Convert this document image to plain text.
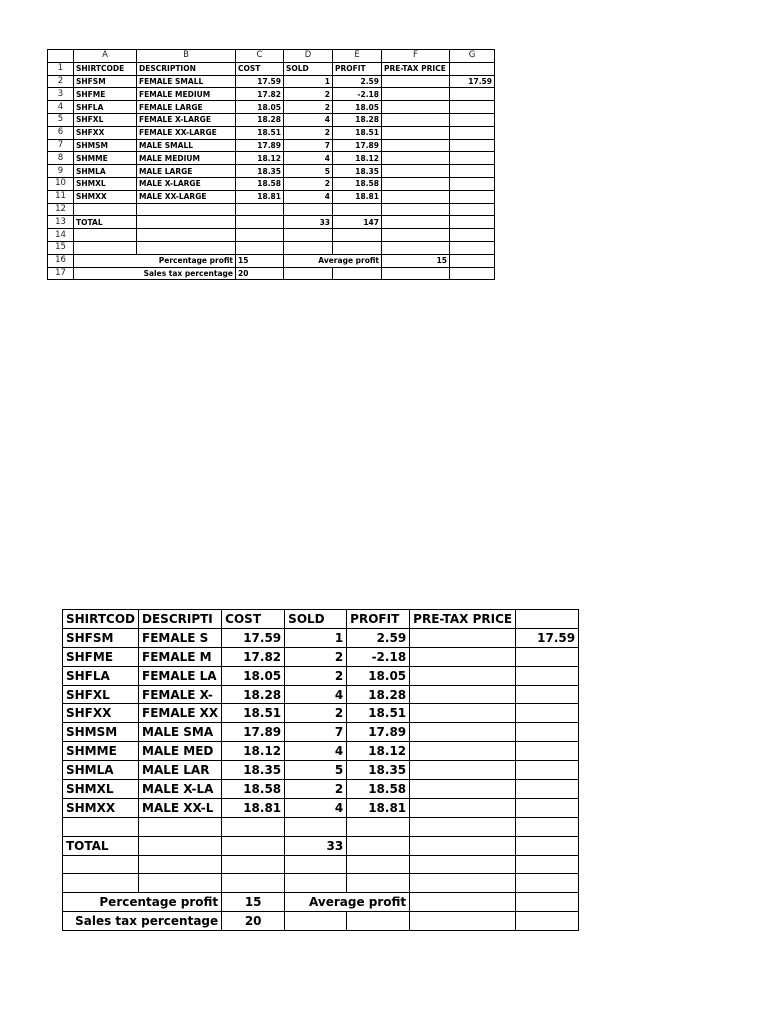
	A	B	C	D	E	F	G
1	SHIRTCODE	DESCRIPTION	COST	SOLD	PROFIT	PRE-TAX PRICE	
2	SHFSM	FEMALE SMALL	17.59	1	2.59		17.59
3	SHFME	FEMALE MEDIUM	17.82	2	-2.18		
4	SHFLA	FEMALE LARGE	18.05	2	18.05		
5	SHFXL	FEMALE X-LARGE	18.28	4	18.28		
6	SHFXX	FEMALE XX-LARGE	18.51	2	18.51		
7	SHMSM	MALE SMALL	17.89	7	17.89		
8	SHMME	MALE MEDIUM	18.12	4	18.12		
9	SHMLA	MALE LARGE	18.35	5	18.35		
10	SHMXL	MALE X-LARGE	18.58	2	18.58		
11	SHMXX	MALE XX-LARGE	18.81	4	18.81		
12							
13	TOTAL			33	147		
14							
15							
16	Percentage profit		15	Average profit		15	
17	Sales tax percentage		20				
SHIRTCOD	DESCRIPTI	COST	SOLD	PROFIT	PRE-TAX PRICE	
SHFSM	FEMALE S	17.59	1	2.59		17.59
SHFME	FEMALE M	17.82	2	-2.18		
SHFLA	FEMALE LA	18.05	2	18.05		
SHFXL	FEMALE X-	18.28	4	18.28		
SHFXX	FEMALE XX	18.51	2	18.51		
SHMSM	MALE SMA	17.89	7	17.89		
SHMME	MALE MED	18.12	4	18.12		
SHMLA	MALE LAR	18.35	5	18.35		
SHMXL	MALE X-LA	18.58	2	18.58		
SHMXX	MALE XX-L	18.81	4	18.81		

TOTAL			33			

Percentage profit		15	Average profit			
Sales tax percentage		20				
